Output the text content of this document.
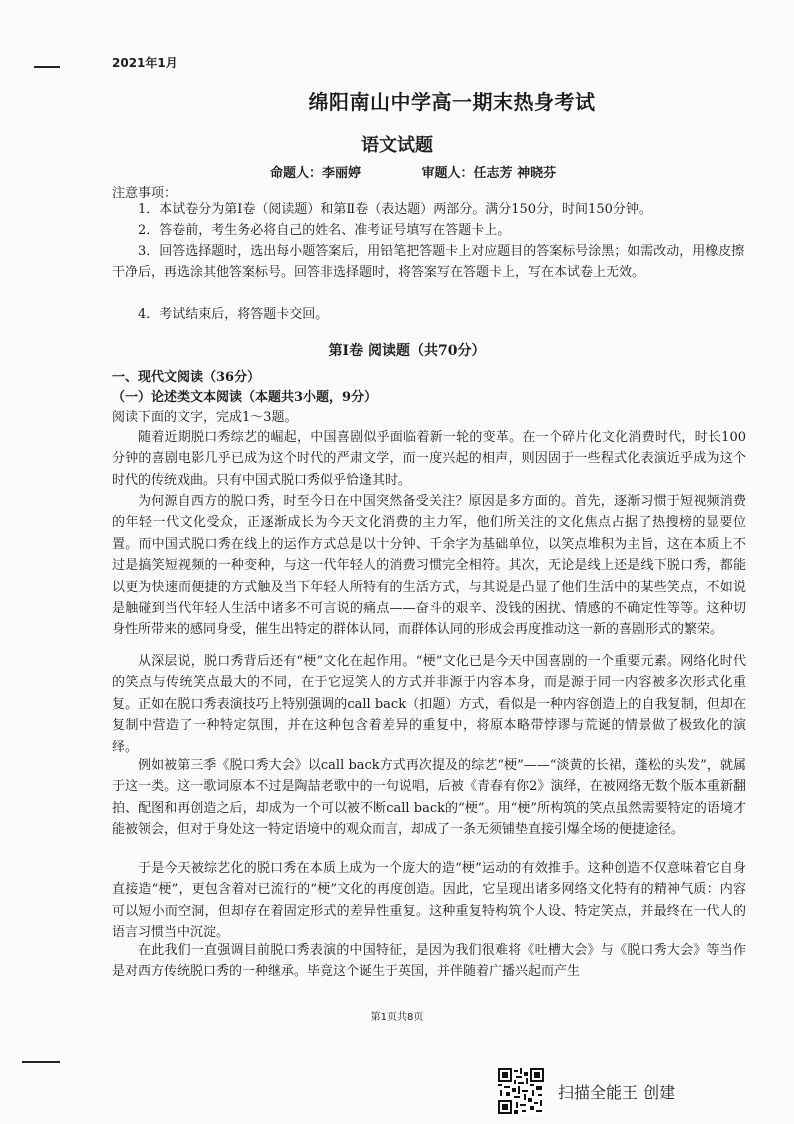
2021年1月
绵阳南山中学高一期末热身考试
语文试题
命题人：李丽婷	审题人：任志芳 神晓芬
注意事项：
1．本试卷分为第Ⅰ卷（阅读题）和第Ⅱ卷（表达题）两部分。满分150分，时间150分钟。
2．答卷前，考生务必将自己的姓名、准考证号填写在答题卡上。
3．回答选择题时，选出每小题答案后，用铅笔把答题卡上对应题目的答案标号涂黑；如需改动，用橡皮擦干净后，再选涂其他答案标号。回答非选择题时，将答案写在答题卡上，写在本试卷上无效。
4．考试结束后，将答题卡交回。
第Ⅰ卷 阅读题（共70分）
一、现代文阅读（36分）
（一）论述类文本阅读（本题共3小题，9分）
阅读下面的文字，完成1～3题。
随着近期脱口秀综艺的崛起，中国喜剧似乎面临着新一轮的变革。在一个碎片化文化消费时代，时长100分钟的喜剧电影几乎已成为这个时代的严肃文学，而一度兴起的相声，则因固于一些程式化表演近乎成为这个时代的传统戏曲。只有中国式脱口秀似乎恰逢其时。
为何源自西方的脱口秀，时至今日在中国突然备受关注？原因是多方面的。首先，逐渐习惯于短视频消费的年轻一代文化受众，正逐渐成长为今天文化消费的主力军，他们所关注的文化焦点占据了热搜榜的显要位置。而中国式脱口秀在线上的运作方式总是以十分钟、千余字为基础单位，以笑点堆积为主旨，这在本质上不过是搞笑短视频的一种变种，与这一代年轻人的消费习惯完全相符。其次，无论是线上还是线下脱口秀，都能以更为快速而便捷的方式触及当下年轻人所特有的生活方式，与其说是凸显了他们生活中的某些笑点，不如说是触碰到当代年轻人生活中诸多不可言说的痛点——奋斗的艰辛、没钱的困扰、情感的不确定性等等。这种切身性所带来的感同身受，催生出特定的群体认同，而群体认同的形成会再度推动这一新的喜剧形式的繁荣。
从深层说，脱口秀背后还有“梗”文化在起作用。“梗”文化已是今天中国喜剧的一个重要元素。网络化时代的笑点与传统笑点最大的不同，在于它逗笑人的方式并非源于内容本身，而是源于同一内容被多次形式化重复。正如在脱口秀表演技巧上特别强调的call back（扣题）方式，看似是一种内容创造上的自我复制，但却在复制中营造了一种特定氛围，并在这种包含着差异的重复中，将原本略带悖谬与荒诞的情景做了极致化的演绎。
例如被第三季《脱口秀大会》以call back方式再次提及的综艺“梗”——“淡黄的长裙，蓬松的头发”，就属于这一类。这一歌词原本不过是陶喆老歌中的一句说唱，后被《青春有你2》演绎，在被网络无数个版本重新翻拍、配图和再创造之后，却成为一个可以被不断call back的“梗”。用“梗”所构筑的笑点虽然需要特定的语境才能被领会，但对于身处这一特定语境中的观众而言，却成了一条无须铺垫直接引爆全场的便捷途径。
于是今天被综艺化的脱口秀在本质上成为一个庞大的造“梗”运动的有效推手。这种创造不仅意味着它自身直接造“梗”，更包含着对已流行的“梗”文化的再度创造。因此，它呈现出诸多网络文化特有的精神气质：内容可以短小而空洞，但却存在着固定形式的差异性重复。这种重复特构筑个人设、特定笑点，并最终在一代人的语言习惯当中沉淀。
在此我们一直强调目前脱口秀表演的中国特征，是因为我们很难将《吐槽大会》与《脱口秀大会》等当作是对西方传统脱口秀的一种继承。毕竟这个诞生于英国，并伴随着广播兴起而产生
第1页共8页
扫描全能王 创建
